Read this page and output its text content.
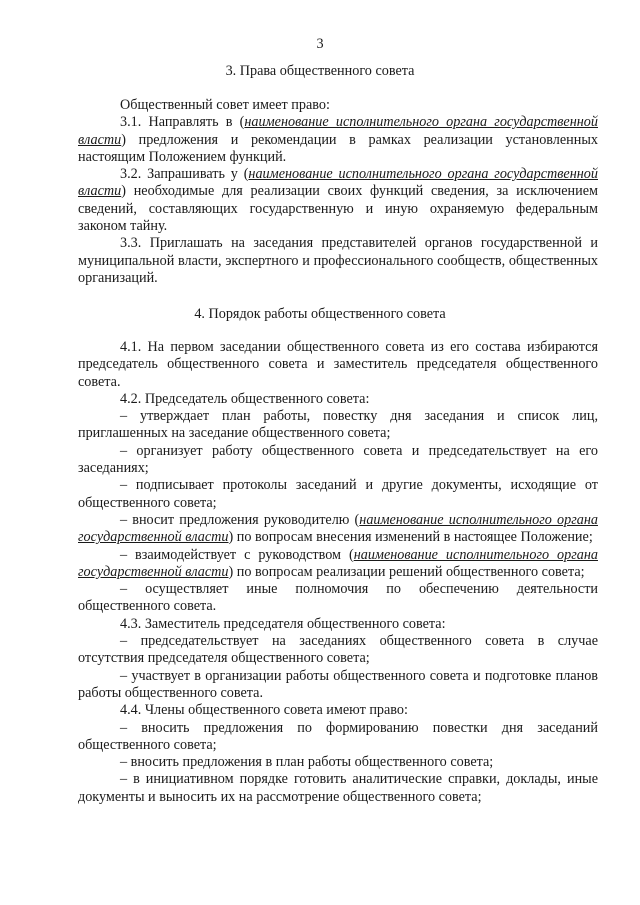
3
3. Права общественного совета

Общественный совет имеет право:

3.1. Направлять в (наименование исполнительного органа государственной власти) предложения и рекомендации в рамках реализации установленных настоящим Положением функций.

3.2. Запрашивать у (наименование исполнительного органа государственной власти) необходимые для реализации своих функций сведения, за исключением сведений, составляющих государственную и иную охраняемую федеральным законом тайну.

3.3. Приглашать на заседания представителей органов государственной и муниципальной власти, экспертного и профессионального сообществ, общественных организаций.

4. Порядок работы общественного совета

4.1. На первом заседании общественного совета из его состава избираются председатель общественного совета и заместитель председателя общественного совета.

4.2. Председатель общественного совета:

– утверждает план работы, повестку дня заседания и список лиц, приглашенных на заседание общественного совета;

– организует работу общественного совета и председательствует на его заседаниях;

– подписывает протоколы заседаний и другие документы, исходящие от общественного совета;

– вносит предложения руководителю (наименование исполнительного органа государственной власти) по вопросам внесения изменений в настоящее Положение;

– взаимодействует с руководством (наименование исполнительного органа государственной власти) по вопросам реализации решений общественного совета;

– осуществляет иные полномочия по обеспечению деятельности общественного совета.

4.3. Заместитель председателя общественного совета:

– председательствует на заседаниях общественного совета в случае отсутствия председателя общественного совета;

– участвует в организации работы общественного совета и подготовке планов работы общественного совета.

4.4. Члены общественного совета имеют право:

– вносить предложения по формированию повестки дня заседаний общественного совета;

– вносить предложения в план работы общественного совета;

– в инициативном порядке готовить аналитические справки, доклады, иные документы и выносить их на рассмотрение общественного совета;
